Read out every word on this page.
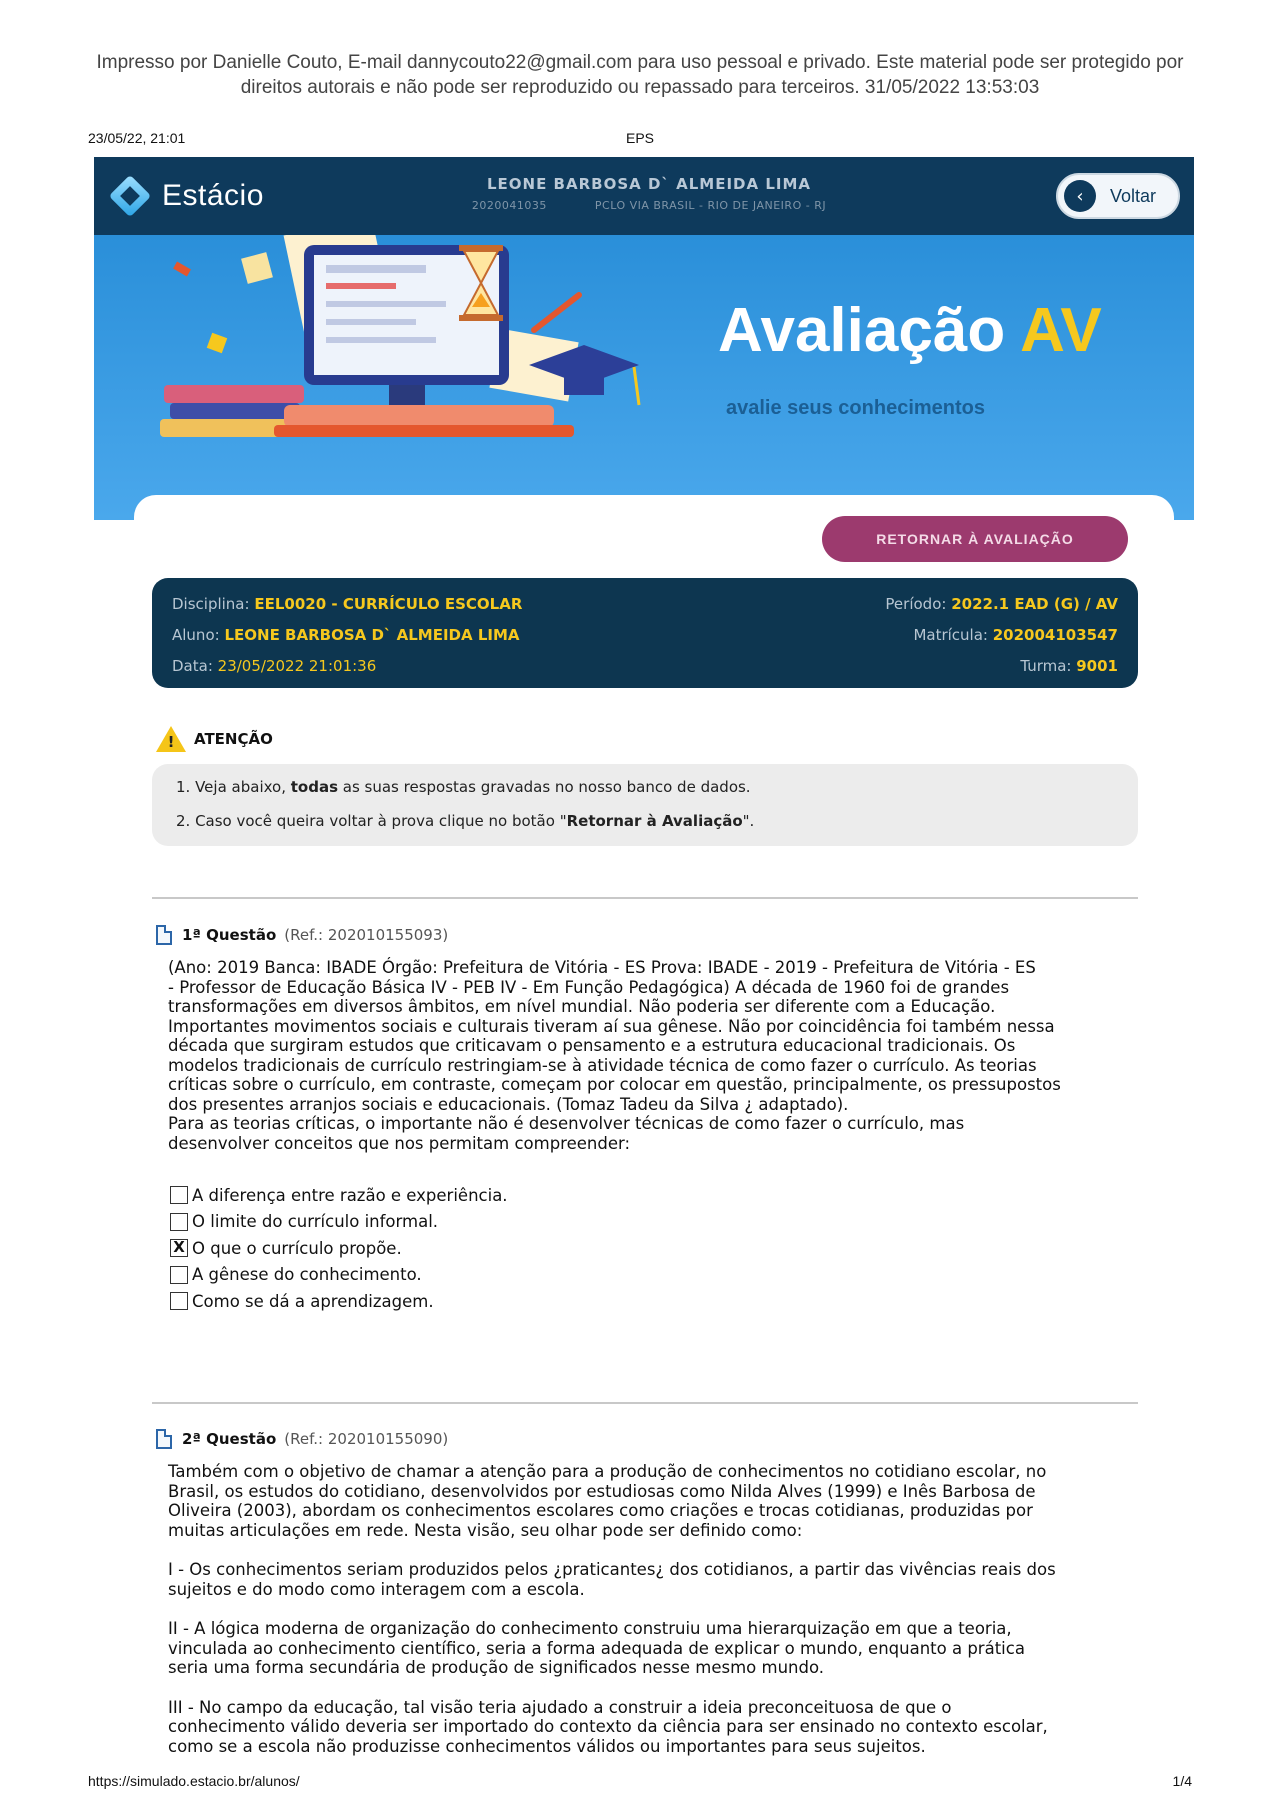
Impresso por Danielle Couto, E-mail dannycouto22@gmail.com para uso pessoal e privado. Este material pode ser protegido por
direitos autorais e não pode ser reproduzido ou repassado para terceiros. 31/05/2022 13:53:03
23/05/22, 21:01	EPS
Estácio	LEONE BARBOSA D` ALMEIDA LIMA
2020041035	PCLO VIA BRASIL - RIO DE JANEIRO - RJ	‹	Voltar
Avaliação AV
avalie seus conhecimentos
RETORNAR À AVALIAÇÃO
Disciplina: EEL0020 - CURRÍCULO ESCOLAR	Período: 2022.1 EAD (G) / AV
Aluno: LEONE BARBOSA D` ALMEIDA LIMA	Matrícula: 202004103547
Data: 23/05/2022 21:01:36	Turma: 9001
!	ATENÇÃO
1. Veja abaixo, todas as suas respostas gravadas no nosso banco de dados.
2. Caso você queira voltar à prova clique no botão "Retornar à Avaliação".
1ª Questão (Ref.: 202010155093)
(Ano: 2019 Banca: IBADE Órgão: Prefeitura de Vitória - ES Prova: IBADE - 2019 - Prefeitura de Vitória - ES
- Professor de Educação Básica IV - PEB IV - Em Função Pedagógica) A década de 1960 foi de grandes
transformações em diversos âmbitos, em nível mundial. Não poderia ser diferente com a Educação.
Importantes movimentos sociais e culturais tiveram aí sua gênese. Não por coincidência foi também nessa
década que surgiram estudos que criticavam o pensamento e a estrutura educacional tradicionais. Os
modelos tradicionais de currículo restringiam-se à atividade técnica de como fazer o currículo. As teorias
críticas sobre o currículo, em contraste, começam por colocar em questão, principalmente, os pressupostos
dos presentes arranjos sociais e educacionais. (Tomaz Tadeu da Silva ¿ adaptado).
Para as teorias críticas, o importante não é desenvolver técnicas de como fazer o currículo, mas
desenvolver conceitos que nos permitam compreender:
A diferença entre razão e experiência.
O limite do currículo informal.
X O que o currículo propõe.
A gênese do conhecimento.
Como se dá a aprendizagem.
2ª Questão (Ref.: 202010155090)

Também com o objetivo de chamar a atenção para a produção de conhecimentos no cotidiano escolar, no
Brasil, os estudos do cotidiano, desenvolvidos por estudiosas como Nilda Alves (1999) e Inês Barbosa de
Oliveira (2003), abordam os conhecimentos escolares como criações e trocas cotidianas, produzidas por
muitas articulações em rede. Nesta visão, seu olhar pode ser definido como:

I - Os conhecimentos seriam produzidos pelos ¿praticantes¿ dos cotidianos, a partir das vivências reais dos
sujeitos e do modo como interagem com a escola.

II - A lógica moderna de organização do conhecimento construiu uma hierarquização em que a teoria,
vinculada ao conhecimento científico, seria a forma adequada de explicar o mundo, enquanto a prática
seria uma forma secundária de produção de significados nesse mesmo mundo.

III - No campo da educação, tal visão teria ajudado a construir a ideia preconceituosa de que o
conhecimento válido deveria ser importado do contexto da ciência para ser ensinado no contexto escolar,
como se a escola não produzisse conhecimentos válidos ou importantes para seus sujeitos.

https://simulado.estacio.br/alunos/	1/4
